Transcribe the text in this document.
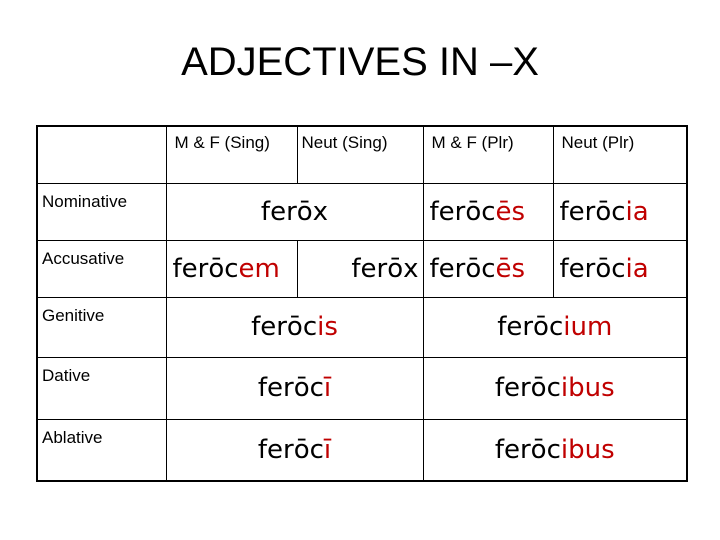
ADJECTIVES IN –X
	M & F (Sing)	Neut (Sing)	M & F (Plr)	Neut (Plr)
Nominative	ferōx		ferōcēs	ferōcia
Accusative	ferōcem	ferōx	ferōcēs	ferōcia
Genitive	ferōcis		ferōcium	
Dative	ferōcī		ferōcibus	
Ablative	ferōcī		ferōcibus	
